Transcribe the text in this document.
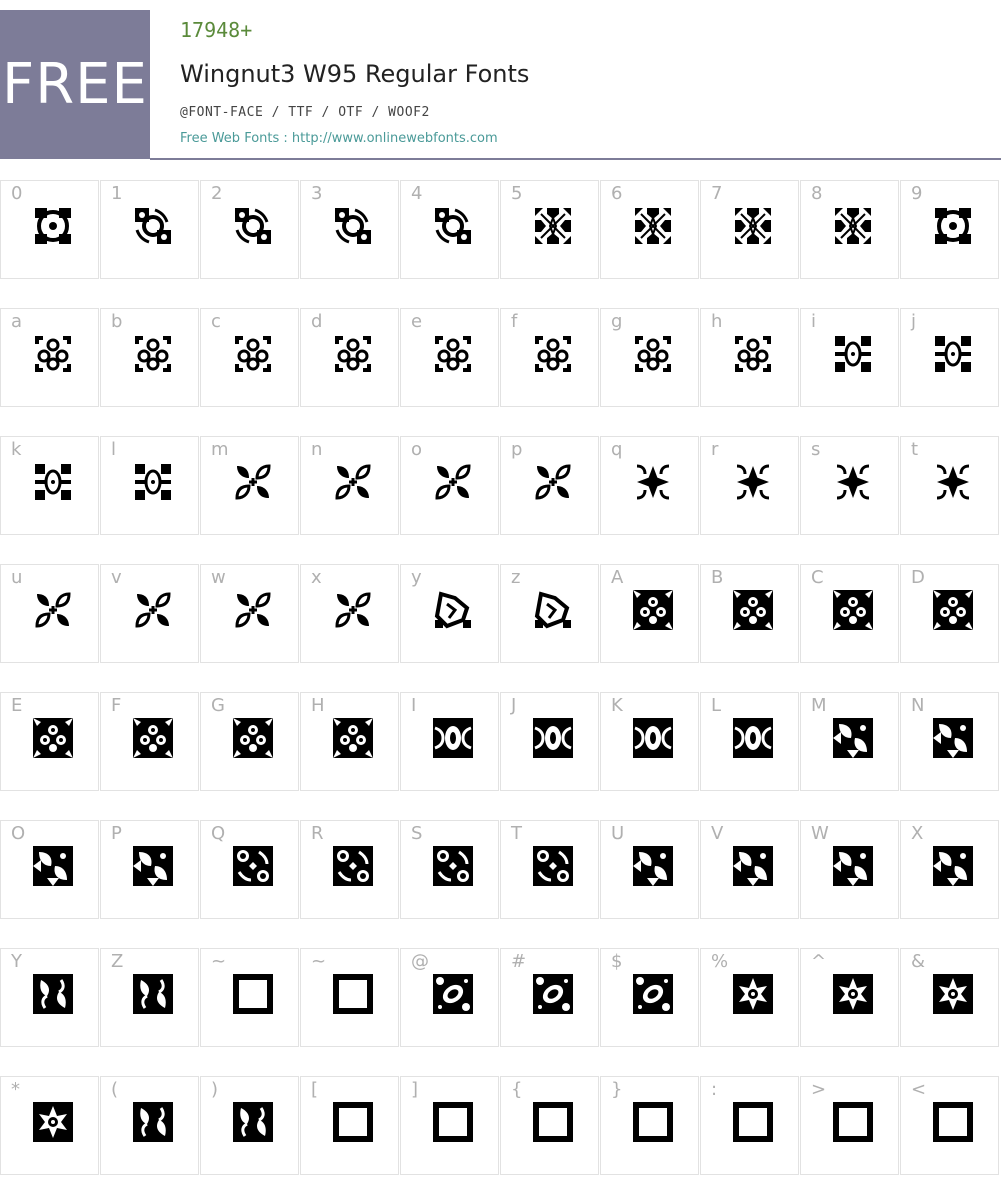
FREE
17948+
Wingnut3 W95 Regular Fonts
@FONT-FACE / TTF / OTF / WOOF2
Free Web Fonts : http://www.onlinewebfonts.com
0	1	2	3	4	5	6	7	8	9
a	b	c	d	e	f	g	h	i	j
k	l	m	n	o	p	q	r	s	t
u	v	w	x	y	z	A	B	C	D
E	F	G	H	I	J	K	L	M	N
O	P	Q	R	S	T	U	V	W	X
Y	Z	~	~	@	#	$	%	^	&
*	(	)	[	]	{	}	:	>	<
